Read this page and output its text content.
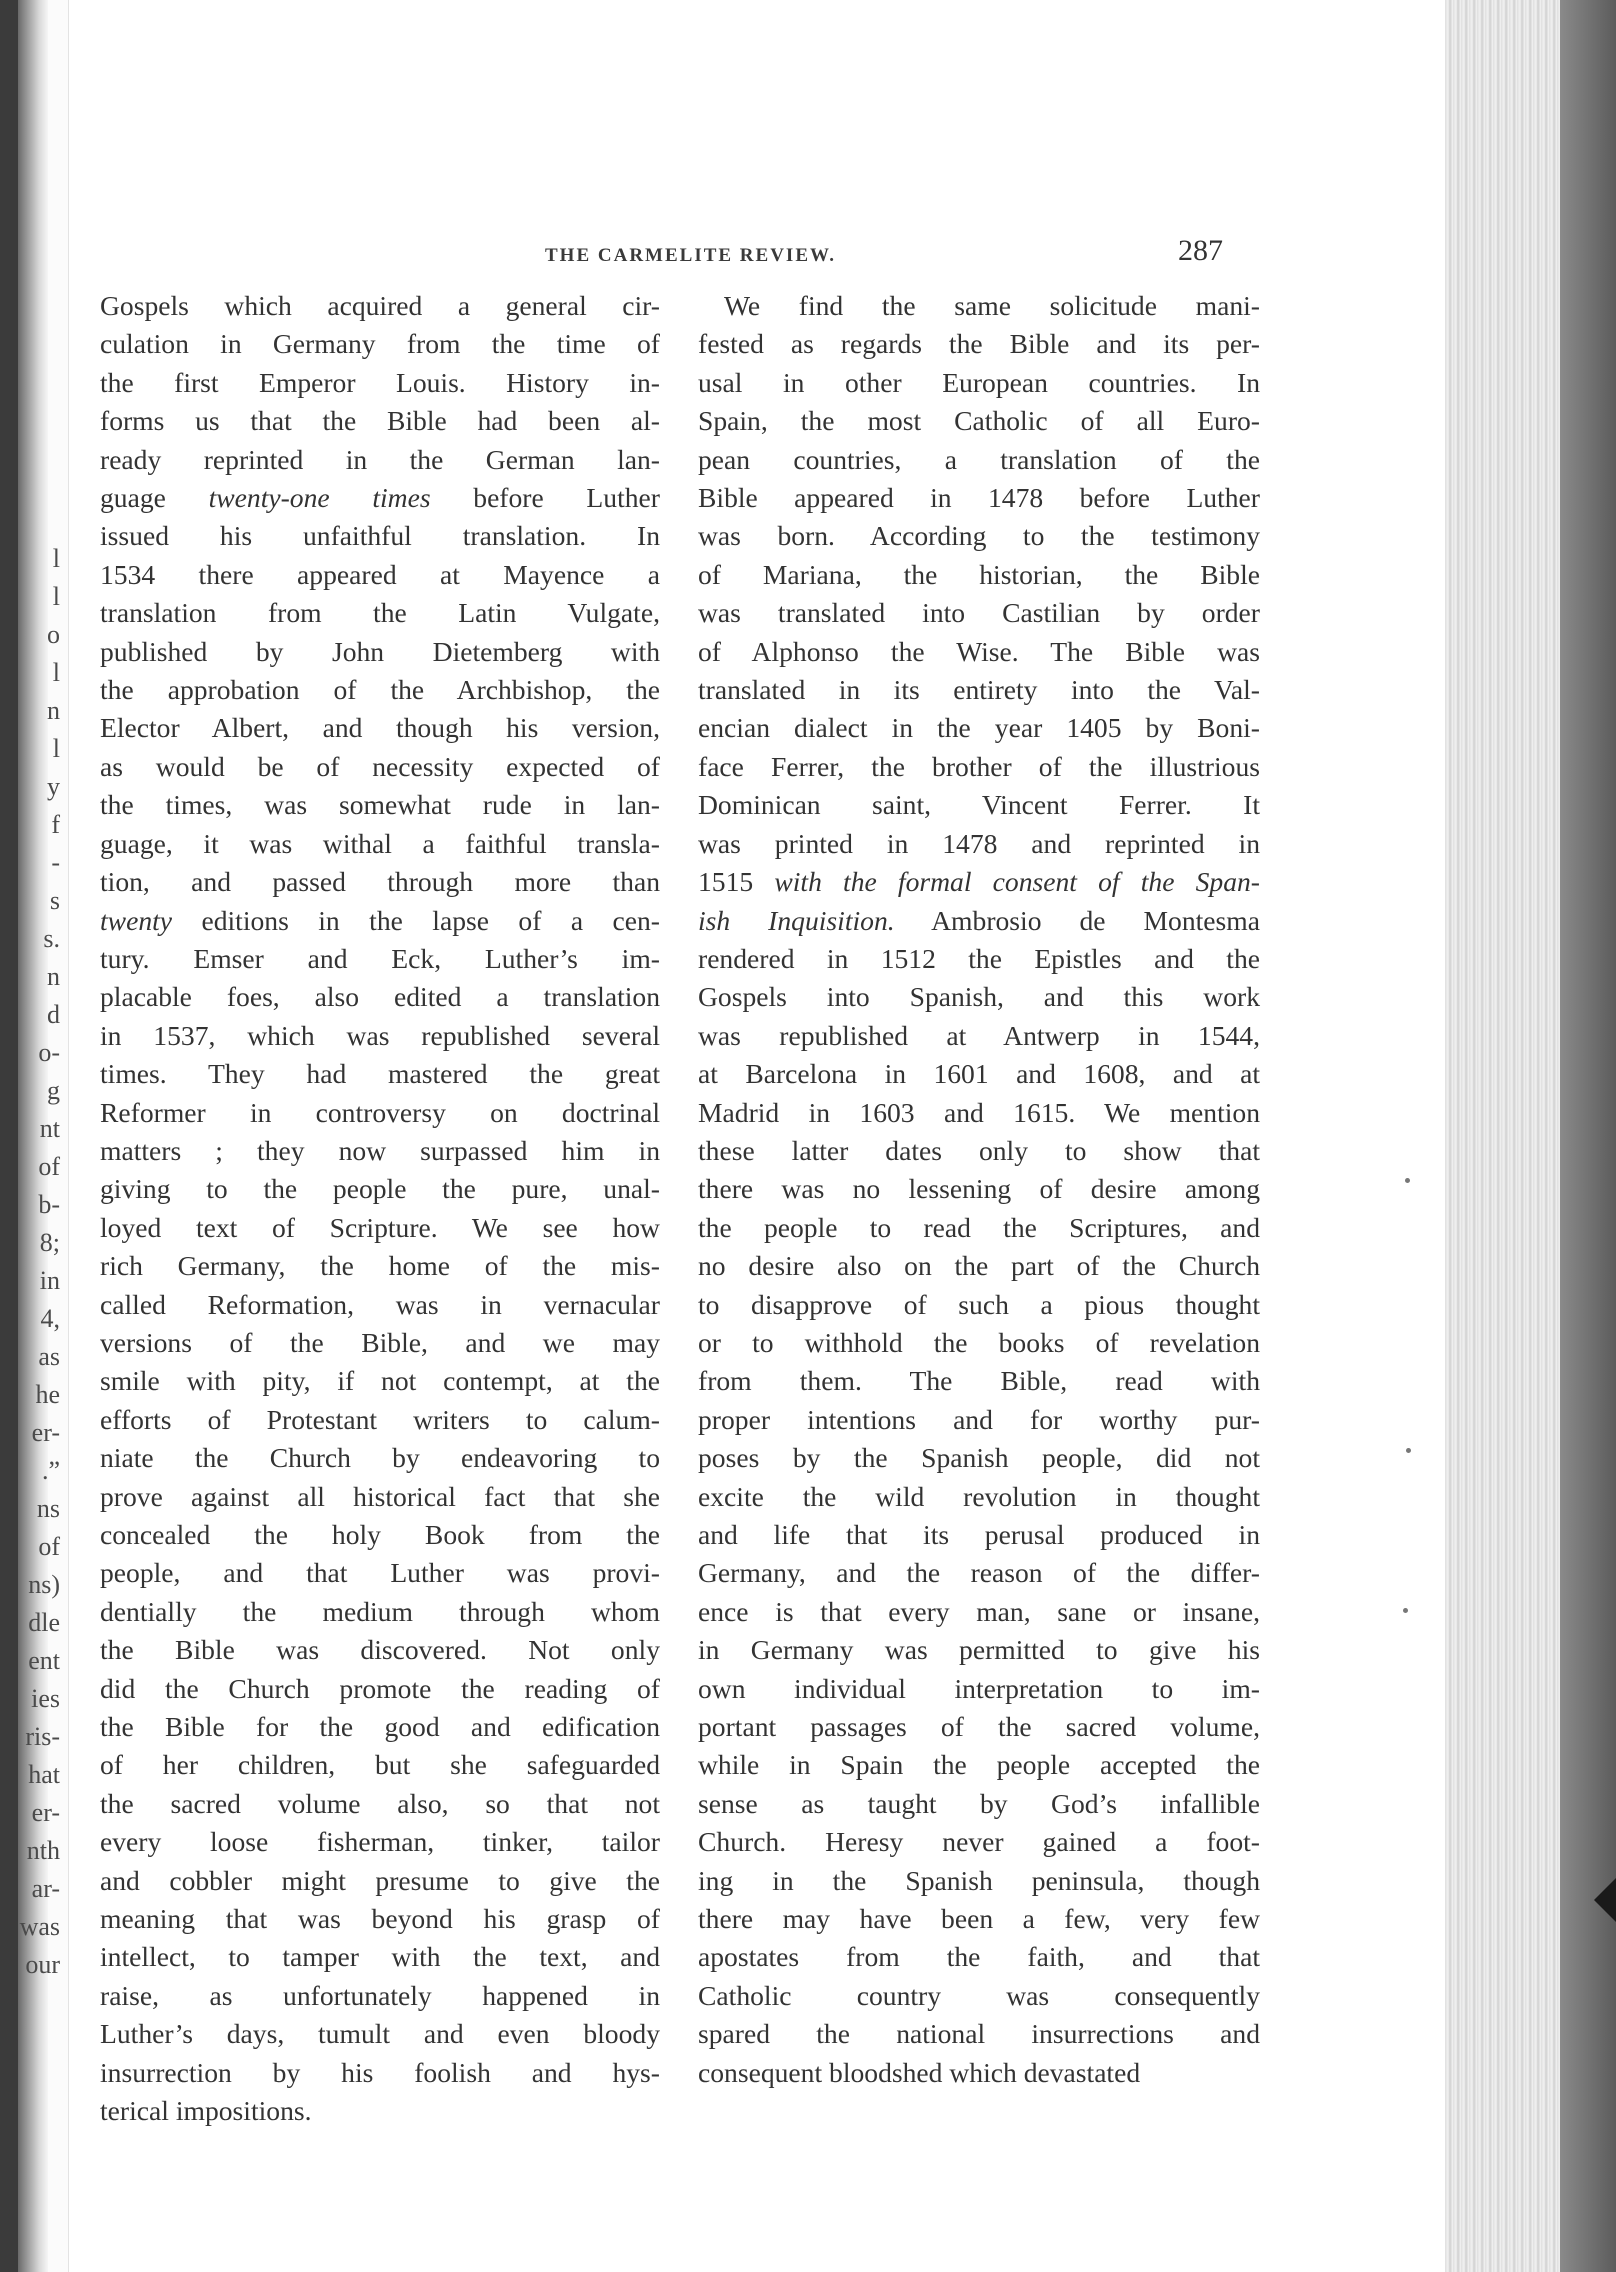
l
l
o
l
n
l
y
f
-
s
s.
n
d
o-
g
nt
of
b-
8;
in
4,
as
he
er-
.”
ns
of
ns)
dle
ent
ies
ris-
hat
er-
nth
ar-
was
our
THE CARMELITE REVIEW.	287
Gospels which acquired a general cir-
culation in Germany from the time of
the first Emperor Louis. History in-
forms us that the Bible had been al-
ready reprinted in the German lan-
guage twenty-one times before Luther
issued his unfaithful translation. In
1534 there appeared at Mayence a
translation from the Latin Vulgate,
published by John Dietemberg with
the approbation of the Archbishop, the
Elector Albert, and though his version,
as would be of necessity expected of
the times, was somewhat rude in lan-
guage, it was withal a faithful transla-
tion, and passed through more than
twenty editions in the lapse of a cen-
tury. Emser and Eck, Luther’s im-
placable foes, also edited a translation
in 1537, which was republished several
times. They had mastered the great
Reformer in controversy on doctrinal
matters ; they now surpassed him in
giving to the people the pure, unal-
loyed text of Scripture. We see how
rich Germany, the home of the mis-
called Reformation, was in vernacular
versions of the Bible, and we may
smile with pity, if not contempt, at the
efforts of Protestant writers to calum-
niate the Church by endeavoring to
prove against all historical fact that she
concealed the holy Book from the
people, and that Luther was provi-
dentially the medium through whom
the Bible was discovered. Not only
did the Church promote the reading of
the Bible for the good and edification
of her children, but she safeguarded
the sacred volume also, so that not
every loose fisherman, tinker, tailor
and cobbler might presume to give the
meaning that was beyond his grasp of
intellect, to tamper with the text, and
raise, as unfortunately happened in
Luther’s days, tumult and even bloody
insurrection by his foolish and hys-
terical impositions.
We find the same solicitude mani-
fested as regards the Bible and its per-
usal in other European countries. In
Spain, the most Catholic of all Euro-
pean countries, a translation of the
Bible appeared in 1478 before Luther
was born. According to the testimony
of Mariana, the historian, the Bible
was translated into Castilian by order
of Alphonso the Wise. The Bible was
translated in its entirety into the Val-
encian dialect in the year 1405 by Boni-
face Ferrer, the brother of the illustrious
Dominican saint, Vincent Ferrer. It
was printed in 1478 and reprinted in
1515 with the formal consent of the Span-
ish Inquisition. Ambrosio de Montesma
rendered in 1512 the Epistles and the
Gospels into Spanish, and this work
was republished at Antwerp in 1544,
at Barcelona in 1601 and 1608, and at
Madrid in 1603 and 1615. We mention
these latter dates only to show that
there was no lessening of desire among
the people to read the Scriptures, and
no desire also on the part of the Church
to disapprove of such a pious thought
or to withhold the books of revelation
from them. The Bible, read with
proper intentions and for worthy pur-
poses by the Spanish people, did not
excite the wild revolution in thought
and life that its perusal produced in
Germany, and the reason of the differ-
ence is that every man, sane or insane,
in Germany was permitted to give his
own individual interpretation to im-
portant passages of the sacred volume,
while in Spain the people accepted the
sense as taught by God’s infallible
Church. Heresy never gained a foot-
ing in the Spanish peninsula, though
there may have been a few, very few
apostates from the faith, and that
Catholic country was consequently
spared the national insurrections and
consequent bloodshed which devastated
